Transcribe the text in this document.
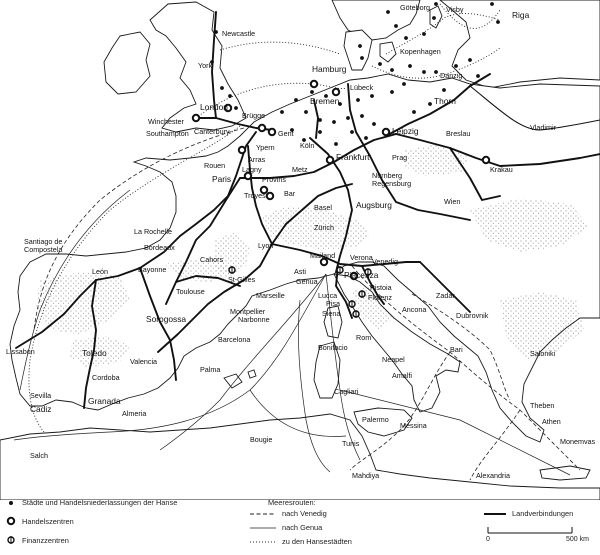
Göteborg Visby
Riga
Newcastle
Kopenhagen
York	Hamburg
Danzig
Lübeck
London
Bremen	Thorn
Winchester
Brügge
Southampton Canterbury	Gent	Leipzig	Breslau
Ypern
Vladimir
Arras
Köln
Frankfurt	Prag
Krakau
Rouen Lagny	Metz
Nürnberg
Paris	Provins	Regensburg
Troyes	Bar
Basel	Augsburg	Wien
La Rochelle	Zürich
Santiago de
Compostela	Bordeaux	Lyon
Mailand Verona Venedig
Cahors
Asti
Genua
Piacenza
León	Bayonne
St-Gilles
Marseille
Pistoia
Toulouse	Lucca	Florenz	Zadar
Montpellier
Narbonne
Pisa
Siena	Ancona
Dubrovnik
Sorogossa
Lissabon	Toledo
Barcelona	Rom
Bonifacio	Bari	Saloniki
Valencia	Neapel
Amalfi
Cordoba
Palma
Cagliari
Sevilla
Granada	Theben
Cadiz	Almeria
Athen
Monemvas
Palermo
Messina
Bougie	Tunis
Salch
Alexandria
Mahdiya
Städte und Handelsniederlassungen der Hanse
Handelszentren
Finanzzentren
Meeresrouten:
nach Venedig
nach Genua
zu den Hansestädten
Landverbindungen
0	500 km
